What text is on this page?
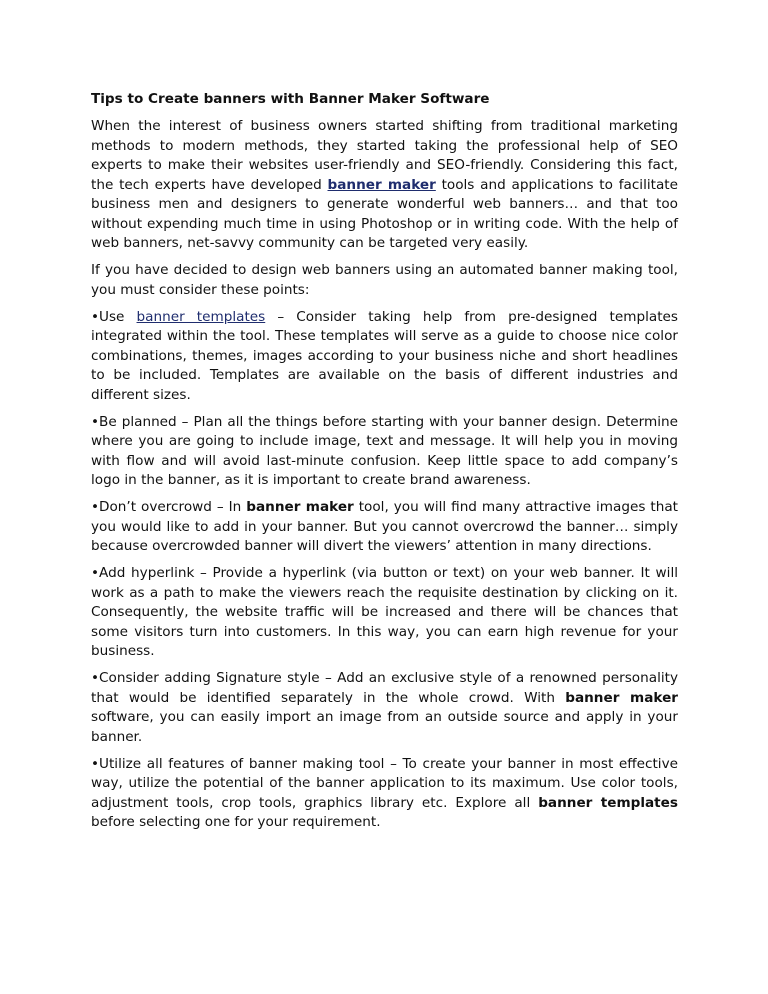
Tips to Create banners with Banner Maker Software

When the interest of business owners started shifting from traditional marketing methods to modern methods, they started taking the professional help of SEO experts to make their websites user-friendly and SEO-friendly. Considering this fact, the tech experts have developed banner maker tools and applications to facilitate business men and designers to generate wonderful web banners… and that too without expending much time in using Photoshop or in writing code. With the help of web banners, net-savvy community can be targeted very easily.

If you have decided to design web banners using an automated banner making tool, you must consider these points:

•Use banner templates – Consider taking help from pre-designed templates integrated within the tool. These templates will serve as a guide to choose nice color combinations, themes, images according to your business niche and short headlines to be included. Templates are available on the basis of different industries and different sizes.

•Be planned – Plan all the things before starting with your banner design. Determine where you are going to include image, text and message. It will help you in moving with flow and will avoid last-minute confusion. Keep little space to add company’s logo in the banner, as it is important to create brand awareness.

•Don’t overcrowd – In banner maker tool, you will find many attractive images that you would like to add in your banner. But you cannot overcrowd the banner… simply because overcrowded banner will divert the viewers’ attention in many directions.

•Add hyperlink – Provide a hyperlink (via button or text) on your web banner. It will work as a path to make the viewers reach the requisite destination by clicking on it. Consequently, the website traffic will be increased and there will be chances that some visitors turn into customers. In this way, you can earn high revenue for your business.

•Consider adding Signature style – Add an exclusive style of a renowned personality that would be identified separately in the whole crowd. With banner maker software, you can easily import an image from an outside source and apply in your banner.

•Utilize all features of banner making tool – To create your banner in most effective way, utilize the potential of the banner application to its maximum. Use color tools, adjustment tools, crop tools, graphics library etc. Explore all banner templates before selecting one for your requirement.
